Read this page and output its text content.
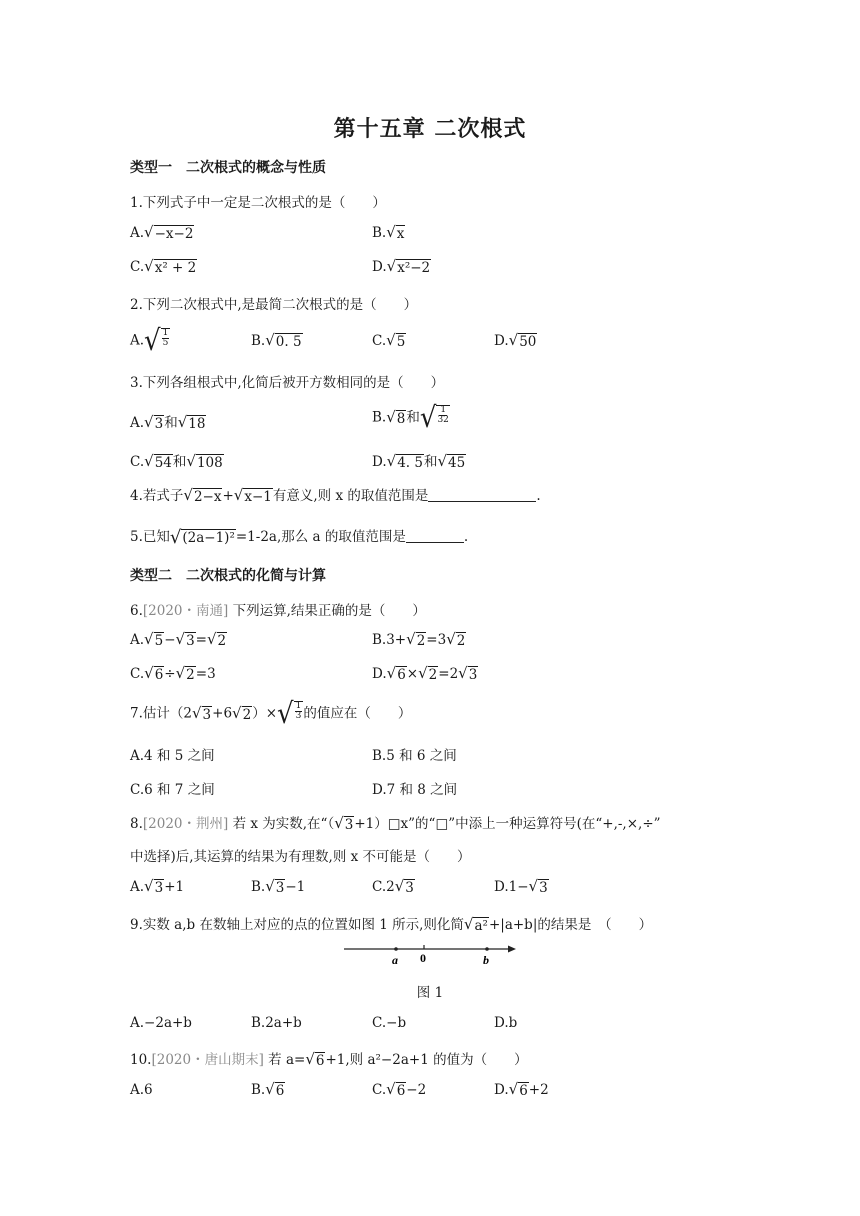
第十五章 二次根式
类型一　二次根式的概念与性质
1.下列式子中一定是二次根式的是（　　）
A. √ −x−2	B. √ x
C. √ x² + 2	D. √ x²−2
2.下列二次根式中,是最简二次根式的是（　　）
A. √ $\frac{1}{5}$	B. √ 0. 5	C. √ 5	D. √ 50
3.下列各组根式中,化简后被开方数相同的是（　　）
A. √ 3 和 √ 18	B. √ 8 和 √ $\frac{1}{32}$
C. √ 54 和 √ 108	D. √ 4. 5 和 √ 45
4.若式子 √ 2−x + √ x−1 有意义,则 x 的取值范围是	.
5.已知 √ (2a−1)² =1-2a,那么 a 的取值范围是	.
类型二　二次根式的化简与计算
6.[2020・南通] 下列运算,结果正确的是（　　）
A. √ 5 − √ 3 = √ 2	B.3+ √ 2 =3 √ 2
C. √ 6 ÷ √ 2 =3	D. √ 6 × √ 2 =2 √ 3
7.估计（2 √ 3 +6 √ 2 ）× √ $\frac{1}{3}$ 的值应在（　　）
A.4 和 5 之间	B.5 和 6 之间
C.6 和 7 之间	D.7 和 8 之间
8.[2020・荆州] 若 x 为实数,在“（ √ 3 +1）□x”的“□”中添上一种运算符号(在“+,-,×,÷”
中选择)后,其运算的结果为有理数,则 x 不可能是（　　）
A. √ 3 +1	B. √ 3 −1	C.2 √ 3	D.1− √ 3
9.实数 a,b 在数轴上对应的点的位置如图 1 所示,则化简 √ a² +|a+b|的结果是　（　　）
a 0	b
图 1
A.−2a+b	B.2a+b	C.−b	D.b
10.[2020・唐山期末] 若 a= √ 6 +1,则 a²−2a+1 的值为（　　）
A.6	B. √ 6	C. √ 6 −2	D. √ 6 +2
